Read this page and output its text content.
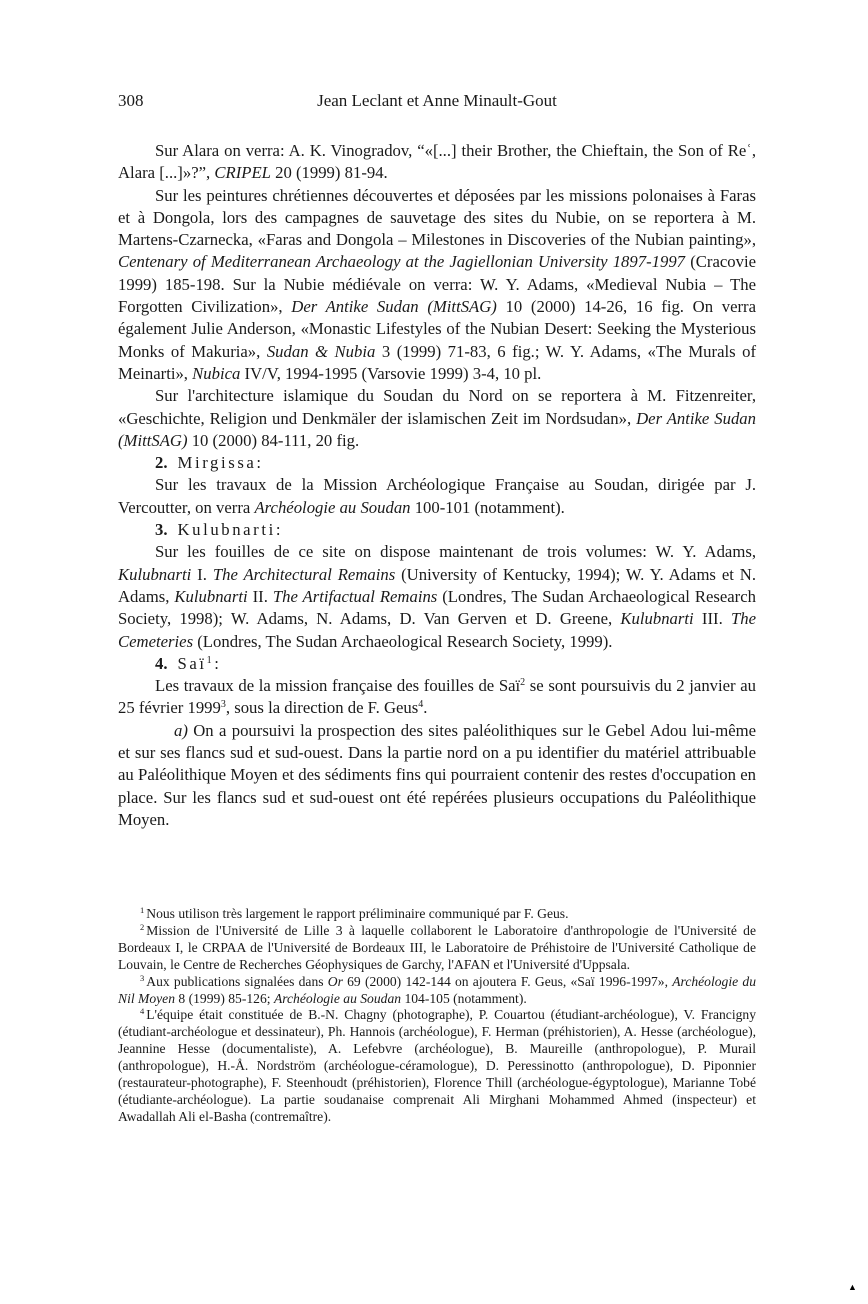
308	Jean Leclant et Anne Minault-Gout

Sur Alara on verra: A. K. Vinogradov, “«[...] their Brother, the Chieftain, the Son of Reʿ, Alara [...]»?”, CRIPEL 20 (1999) 81-94.

Sur les peintures chrétiennes découvertes et déposées par les missions polonaises à Faras et à Dongola, lors des campagnes de sauvetage des sites du Nubie, on se reportera à M. Martens-Czarnecka, «Faras and Dongola – Milestones in Discoveries of the Nubian painting», Centenary of Mediterranean Archaeology at the Jagiellonian University 1897-1997 (Cracovie 1999) 185-198. Sur la Nubie médiévale on verra: W. Y. Adams, «Medieval Nubia – The Forgotten Civilization», Der Antike Sudan (MittSAG) 10 (2000) 14-26, 16 fig. On verra également Julie Anderson, «Monastic Lifestyles of the Nubian Desert: Seeking the Mysterious Monks of Makuria», Sudan & Nubia 3 (1999) 71-83, 6 fig.; W. Y. Adams, «The Murals of Meinarti», Nubica IV/V, 1994-1995 (Varsovie 1999) 3-4, 10 pl.

Sur l'architecture islamique du Soudan du Nord on se reportera à M. Fitzenreiter, «Geschichte, Religion und Denkmäler der islamischen Zeit im Nordsudan», Der Antike Sudan (MittSAG) 10 (2000) 84-111, 20 fig.

2. Mirgissa:

Sur les travaux de la Mission Archéologique Française au Soudan, dirigée par J. Vercoutter, on verra Archéologie au Soudan 100-101 (notamment).

3. Kulubnarti:

Sur les fouilles de ce site on dispose maintenant de trois volumes: W. Y. Adams, Kulubnarti I. The Architectural Remains (University of Kentucky, 1994); W. Y. Adams et N. Adams, Kulubnarti II. The Artifactual Remains (Londres, The Sudan Archaeological Research Society, 1998); W. Adams, N. Adams, D. Van Gerven et D. Greene, Kulubnarti III. The Cemeteries (Londres, The Sudan Archaeological Research Society, 1999).

4. Saï$^1$:

Les travaux de la mission française des fouilles de Saï$^2$ se sont poursuivis du 2 janvier au 25 février 1999$^3$, sous la direction de F. Geus$^4$.

a) On a poursuivi la prospection des sites paléolithiques sur le Gebel Adou lui-même et sur ses flancs sud et sud-ouest. Dans la partie nord on a pu identifier du matériel attribuable au Paléolithique Moyen et des sédiments fins qui pourraient contenir des restes d'occupation en place. Sur les flancs sud et sud-ouest ont été repérées plusieurs occupations du Paléolithique Moyen.

$^1$ Nous utilison très largement le rapport préliminaire communiqué par F. Geus.

$^2$ Mission de l'Université de Lille 3 à laquelle collaborent le Laboratoire d'anthropologie de l'Université de Bordeaux I, le CRPAA de l'Université de Bordeaux III, le Laboratoire de Préhistoire de l'Université Catholique de Louvain, le Centre de Recherches Géophysiques de Garchy, l'AFAN et l'Université d'Uppsala.

$^3$ Aux publications signalées dans Or 69 (2000) 142-144 on ajoutera F. Geus, «Saï 1996-1997», Archéologie du Nil Moyen 8 (1999) 85-126; Archéologie au Soudan 104-105 (notamment).

$^4$ L'équipe était constituée de B.-N. Chagny (photographe), P. Couartou (étudiant-archéologue), V. Francigny (étudiant-archéologue et dessinateur), Ph. Hannois (archéologue), F. Herman (préhistorien), A. Hesse (archéologue), Jeannine Hesse (documentaliste), A. Lefebvre (archéologue), B. Maureille (anthropologue), P. Murail (anthropologue), H.-Å. Nordström (archéologue-céramologue), D. Peressinotto (anthropologue), D. Piponnier (restaurateur-photographe), F. Steenhoudt (préhistorien), Florence Thill (archéologue-égyptologue), Marianne Tobé (étudiante-archéologue). La partie soudanaise comprenait Ali Mirghani Mohammed Ahmed (inspecteur) et Awadallah Ali el-Basha (contremaître).

▲
